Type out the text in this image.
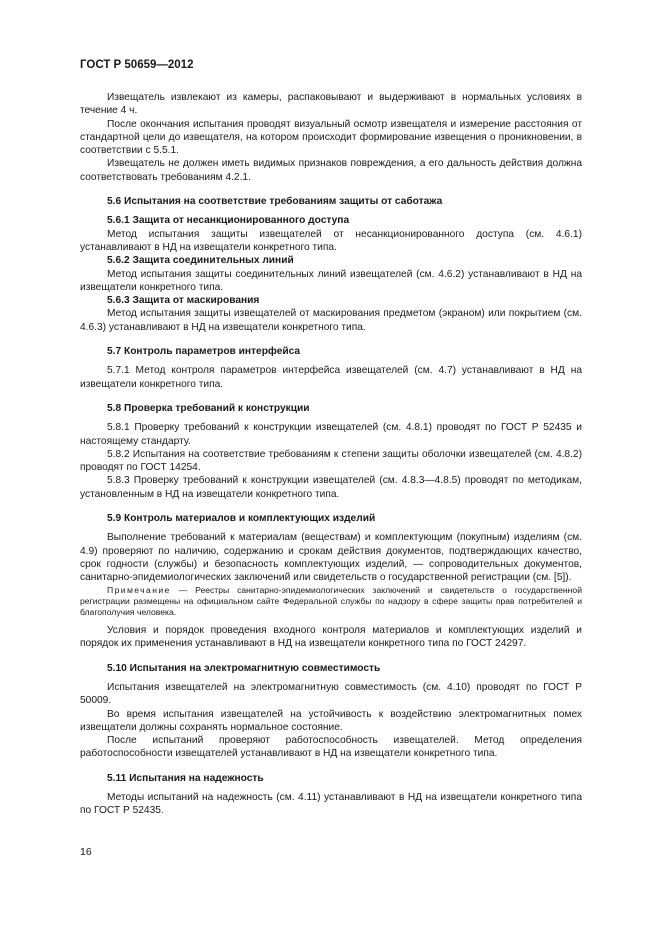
ГОСТ Р 50659—2012

Извещатель извлекают из камеры, распаковывают и выдерживают в нормальных условиях в течение 4 ч.

После окончания испытания проводят визуальный осмотр извещателя и измерение расстояния от стандартной цели до извещателя, на котором происходит формирование извещения о проникновении, в соответствии с 5.5.1.

Извещатель не должен иметь видимых признаков повреждения, а его дальность действия должна соответствовать требованиям 4.2.1.

5.6 Испытания на соответствие требованиям защиты от саботажа

5.6.1 Защита от несанкционированного доступа

Метод испытания защиты извещателей от несанкционированного доступа (см. 4.6.1) устанавливают в НД на извещатели конкретного типа.

5.6.2 Защита соединительных линий

Метод испытания защиты соединительных линий извещателей (см. 4.6.2) устанавливают в НД на извещатели конкретного типа.

5.6.3 Защита от маскирования

Метод испытания защиты извещателей от маскирования предметом (экраном) или покрытием (см. 4.6.3) устанавливают в НД на извещатели конкретного типа.

5.7 Контроль параметров интерфейса

5.7.1 Метод контроля параметров интерфейса извещателей (см. 4.7) устанавливают в НД на извещатели конкретного типа.

5.8 Проверка требований к конструкции

5.8.1 Проверку требований к конструкции извещателей (см. 4.8.1) проводят по ГОСТ Р 52435 и настоящему стандарту.

5.8.2 Испытания на соответствие требованиям к степени защиты оболочки извещателей (см. 4.8.2) проводят по ГОСТ 14254.

5.8.3 Проверку требований к конструкции извещателей (см. 4.8.3—4.8.5) проводят по методикам, установленным в НД на извещатели конкретного типа.

5.9 Контроль материалов и комплектующих изделий

Выполнение требований к материалам (веществам) и комплектующим (покупным) изделиям (см. 4.9) проверяют по наличию, содержанию и срокам действия документов, подтверждающих качество, срок годности (службы) и безопасность комплектующих изделий, — сопроводительных документов, санитарно-эпидемиологических заключений или свидетельств о государственной регистрации (см. [5]).

Примечание — Реестры санитарно-эпидемиологических заключений и свидетельств о государственной регистрации размещены на официальном сайте Федеральной службы по надзору в сфере защиты прав потребителей и благополучия человека.

Условия и порядок проведения входного контроля материалов и комплектующих изделий и порядок их применения устанавливают в НД на извещатели конкретного типа по ГОСТ 24297.

5.10 Испытания на электромагнитную совместимость

Испытания извещателей на электромагнитную совместимость (см. 4.10) проводят по ГОСТ Р 50009.

Во время испытания извещателей на устойчивость к воздействию электромагнитных помех извещатели должны сохранять нормальное состояние.

После испытаний проверяют работоспособность извещателей. Метод определения работоспособности извещателей устанавливают в НД на извещатели конкретного типа.

5.11 Испытания на надежность

Методы испытаний на надежность (см. 4.11) устанавливают в НД на извещатели конкретного типа по ГОСТ Р 52435.

16
